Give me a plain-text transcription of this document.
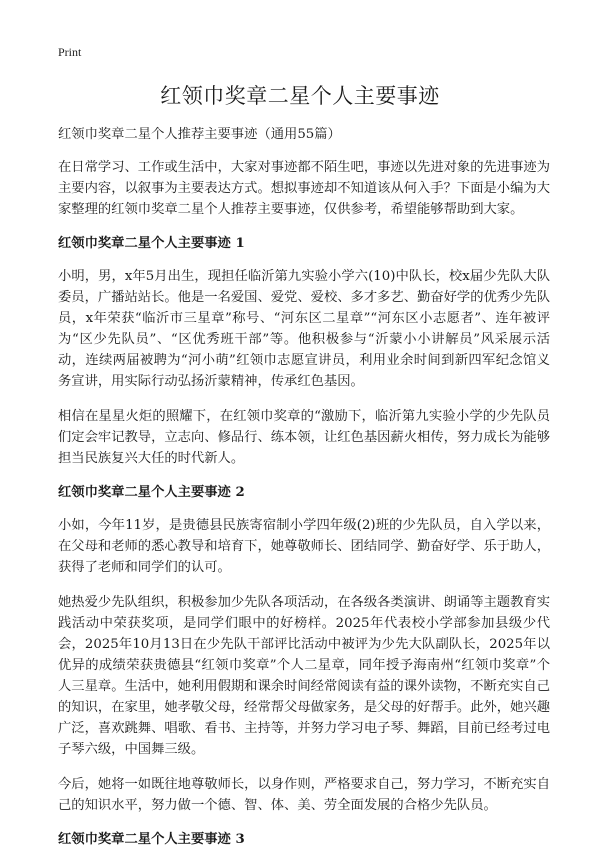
Print
红领巾奖章二星个人主要事迹

红领巾奖章二星个人推荐主要事迹（通用55篇）

在日常学习、工作或生活中，大家对事迹都不陌生吧，事迹以先进对象的先进事迹为主要内容，以叙事为主要表达方式。想拟事迹却不知道该从何入手？下面是小编为大家整理的红领巾奖章二星个人推荐主要事迹，仅供参考，希望能够帮助到大家。

红领巾奖章二星个人主要事迹 1

小明，男，x年5月出生，现担任临沂第九实验小学六(10)中队长，校x届少先队大队委员，广播站站长。他是一名爱国、爱党、爱校、多才多艺、勤奋好学的优秀少先队员，x年荣获“临沂市三星章”称号、“河东区二星章”“河东区小志愿者”、连年被评为“区少先队员”、“区优秀班干部”等。他积极参与“沂蒙小小讲解员”风采展示活动，连续两届被聘为“河小萌”红领巾志愿宣讲员，利用业余时间到新四军纪念馆义务宣讲，用实际行动弘扬沂蒙精神，传承红色基因。

相信在星星火炬的照耀下，在红领巾奖章的“激励下，临沂第九实验小学的少先队员们定会牢记教导，立志向、修品行、练本领，让红色基因薪火相传，努力成长为能够担当民族复兴大任的时代新人。

红领巾奖章二星个人主要事迹 2

小如，今年11岁，是贵德县民族寄宿制小学四年级(2)班的少先队员，自入学以来，在父母和老师的悉心教导和培育下，她尊敬师长、团结同学、勤奋好学、乐于助人，获得了老师和同学们的认可。

她热爱少先队组织，积极参加少先队各项活动，在各级各类演讲、朗诵等主题教育实践活动中荣获奖项，是同学们眼中的好榜样。2025年代表校小学部参加县级少代会，2025年10月13日在少先队干部评比活动中被评为少先大队副队长，2025年以优异的成绩荣获贵德县“红领巾奖章”个人二星章，同年授予海南州“红领巾奖章”个人三星章。生活中，她利用假期和课余时间经常阅读有益的课外读物，不断充实自己的知识，在家里，她孝敬父母，经常帮父母做家务，是父母的好帮手。此外，她兴趣广泛，喜欢跳舞、唱歌、看书、主持等，并努力学习电子琴、舞蹈，目前已经考过电子琴六级，中国舞三级。

今后，她将一如既往地尊敬师长，以身作则，严格要求自己，努力学习，不断充实自己的知识水平，努力做一个德、智、体、美、劳全面发展的合格少先队员。

红领巾奖章二星个人主要事迹 3
